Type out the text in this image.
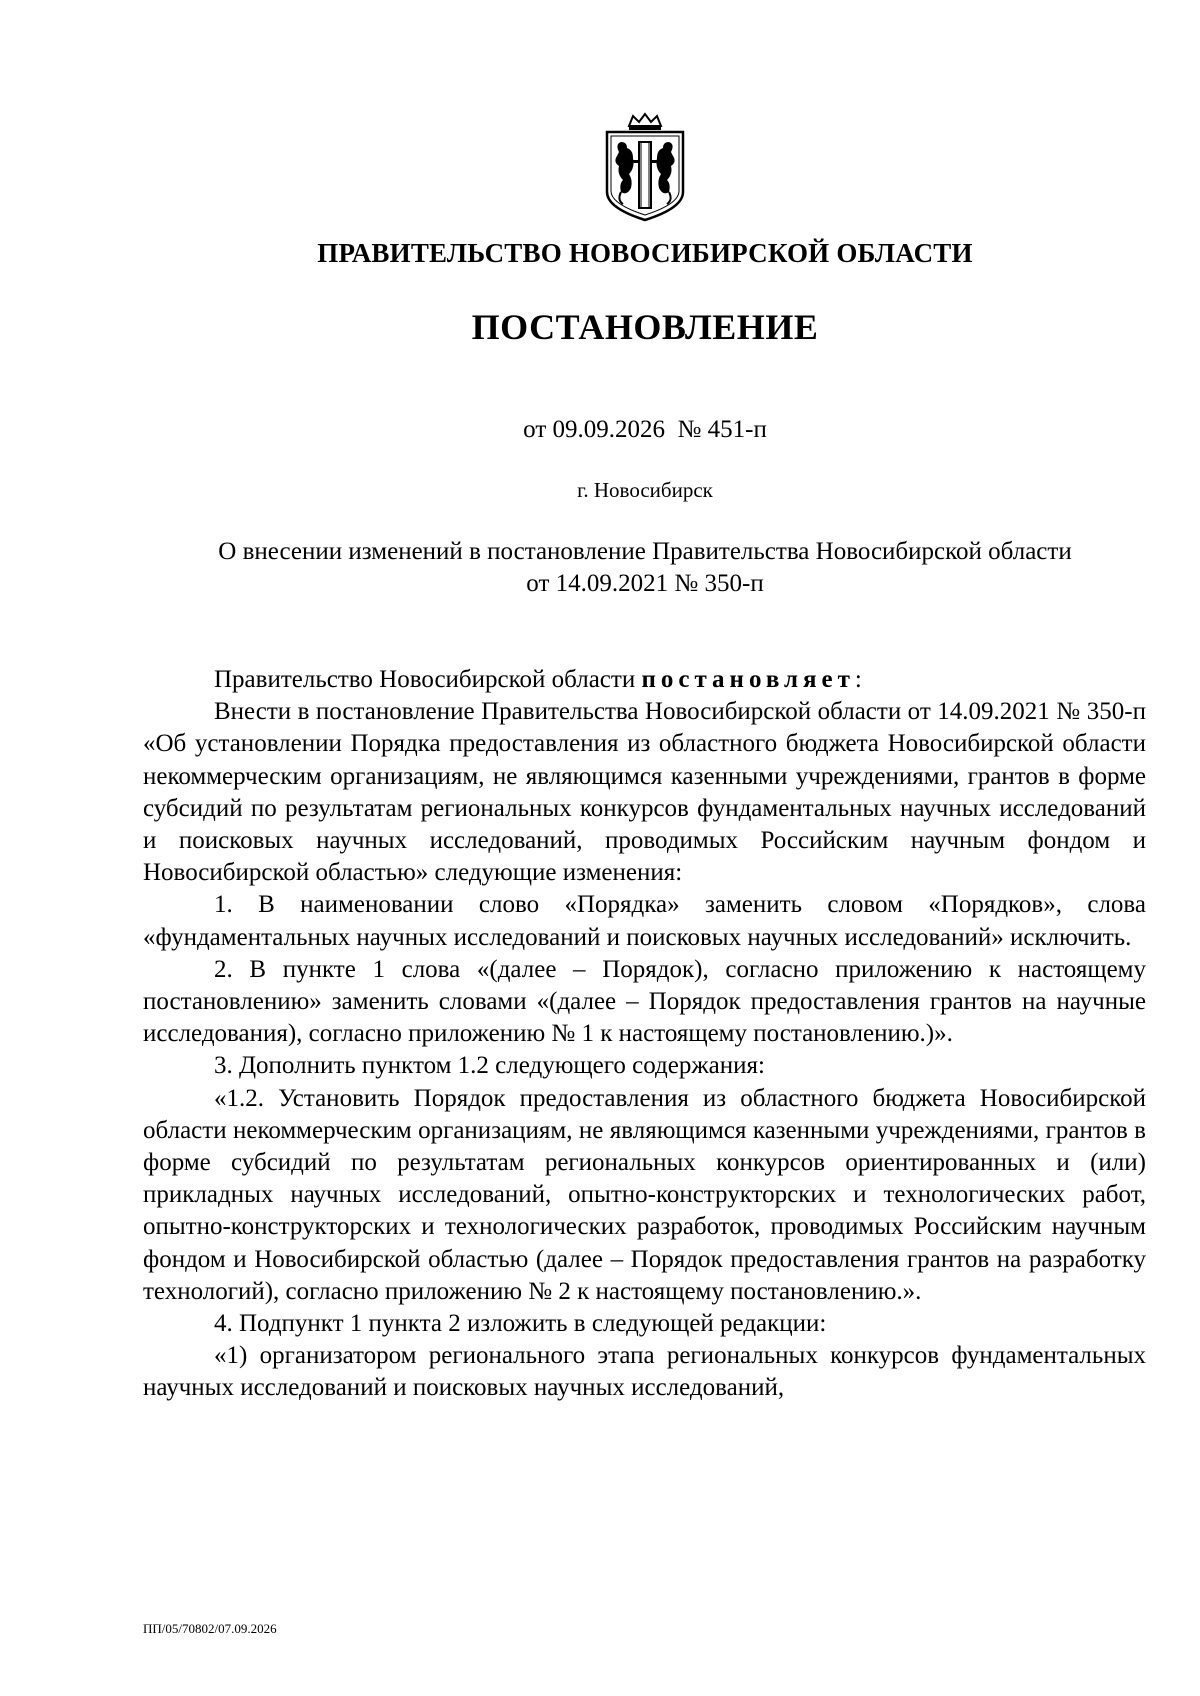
ПРАВИТЕЛЬСТВО НОВОСИБИРСКОЙ ОБЛАСТИ
ПОСТАНОВЛЕНИЕ
от 09.09.2026  № 451-п
г. Новосибирск
О внесении изменений в постановление Правительства Новосибирской области
от 14.09.2021 № 350-п

Правительство Новосибирской области постановляет:

Внести в постановление Правительства Новосибирской области от 14.09.2021 № 350-п «Об установлении Порядка предоставления из областного бюджета Новосибирской области некоммерческим организациям, не являющимся казенными учреждениями, грантов в форме субсидий по результатам региональных конкурсов фундаментальных научных исследований и поисковых научных исследований, проводимых Российским научным фондом и Новосибирской областью» следующие изменения:

1. В наименовании слово «Порядка» заменить словом «Порядков», слова «фундаментальных научных исследований и поисковых научных исследований» исключить.

2. В пункте 1 слова «(далее – Порядок), согласно приложению к настоящему постановлению» заменить словами «(далее – Порядок предоставления грантов на научные исследования), согласно приложению № 1 к настоящему постановлению.)».

3. Дополнить пунктом 1.2 следующего содержания:

«1.2. Установить Порядок предоставления из областного бюджета Новосибирской области некоммерческим организациям, не являющимся казенными учреждениями, грантов в форме субсидий по результатам региональных конкурсов ориентированных и (или) прикладных научных исследований, опытно-конструкторских и технологических работ, опытно-конструкторских и технологических разработок, проводимых Российским научным фондом и Новосибирской областью (далее – Порядок предоставления грантов на разработку технологий), согласно приложению № 2 к настоящему постановлению.».

4. Подпункт 1 пункта 2 изложить в следующей редакции:

«1) организатором регионального этапа региональных конкурсов фундаментальных научных исследований и поисковых научных исследований,

ПП/05/70802/07.09.2026
